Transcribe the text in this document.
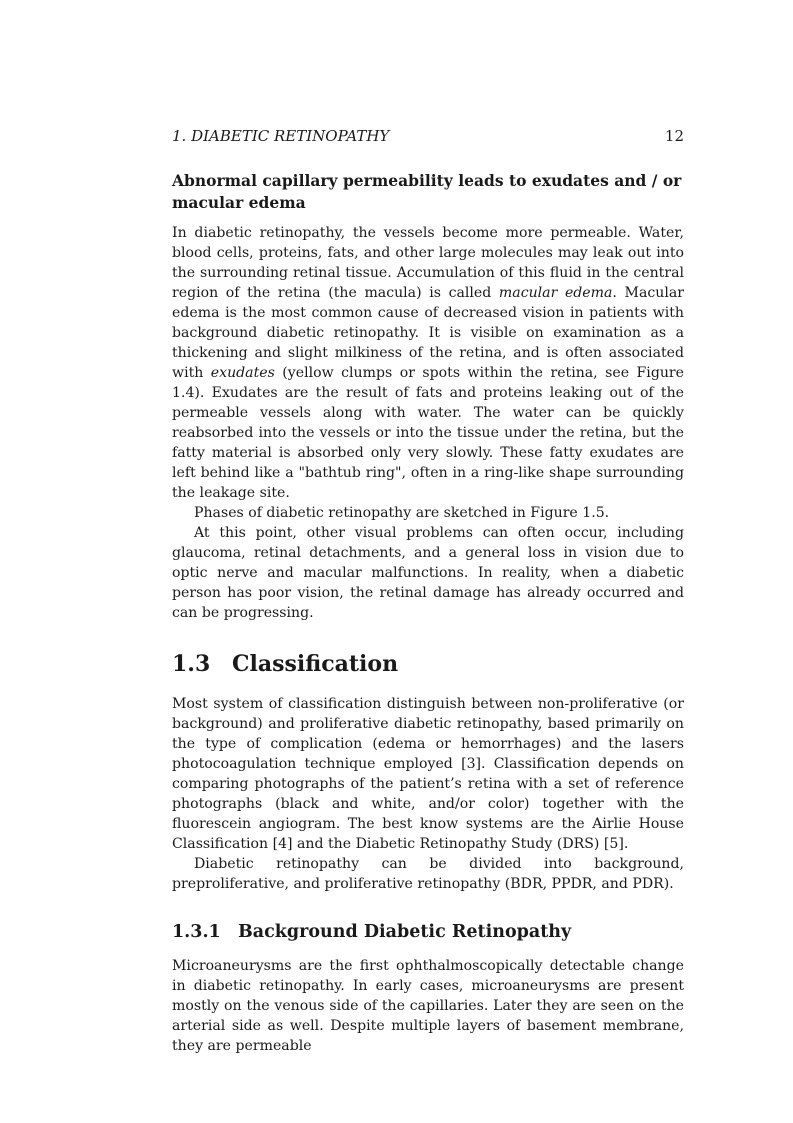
1. DIABETIC RETINOPATHY	12
Abnormal capillary permeability leads to exudates and / or macular edema

In diabetic retinopathy, the vessels become more permeable. Water, blood cells, proteins, fats, and other large molecules may leak out into the surrounding retinal tissue. Accumulation of this fluid in the central region of the retina (the macula) is called macular edema. Macular edema is the most common cause of decreased vision in patients with background diabetic retinopathy. It is visible on examination as a thickening and slight milkiness of the retina, and is often associated with exudates (yellow clumps or spots within the retina, see Figure 1.4). Exudates are the result of fats and proteins leaking out of the permeable vessels along with water. The water can be quickly reabsorbed into the vessels or into the tissue under the retina, but the fatty material is absorbed only very slowly. These fatty exudates are left behind like a "bathtub ring", often in a ring-like shape surrounding the leakage site.

Phases of diabetic retinopathy are sketched in Figure 1.5.

At this point, other visual problems can often occur, including glaucoma, retinal detachments, and a general loss in vision due to optic nerve and macular malfunctions. In reality, when a diabetic person has poor vision, the retinal damage has already occurred and can be progressing.

1.3 Classification

Most system of classification distinguish between non-proliferative (or background) and proliferative diabetic retinopathy, based primarily on the type of complication (edema or hemorrhages) and the lasers photocoagulation technique employed [3]. Classification depends on comparing photographs of the patient’s retina with a set of reference photographs (black and white, and/or color) together with the fluorescein angiogram. The best know systems are the Airlie House Classification [4] and the Diabetic Retinopathy Study (DRS) [5].

Diabetic retinopathy can be divided into background, preproliferative, and proliferative retinopathy (BDR, PPDR, and PDR).

1.3.1 Background Diabetic Retinopathy

Microaneurysms are the first ophthalmoscopically detectable change in diabetic retinopathy. In early cases, microaneurysms are present mostly on the venous side of the capillaries. Later they are seen on the arterial side as well. Despite multiple layers of basement membrane, they are permeable
